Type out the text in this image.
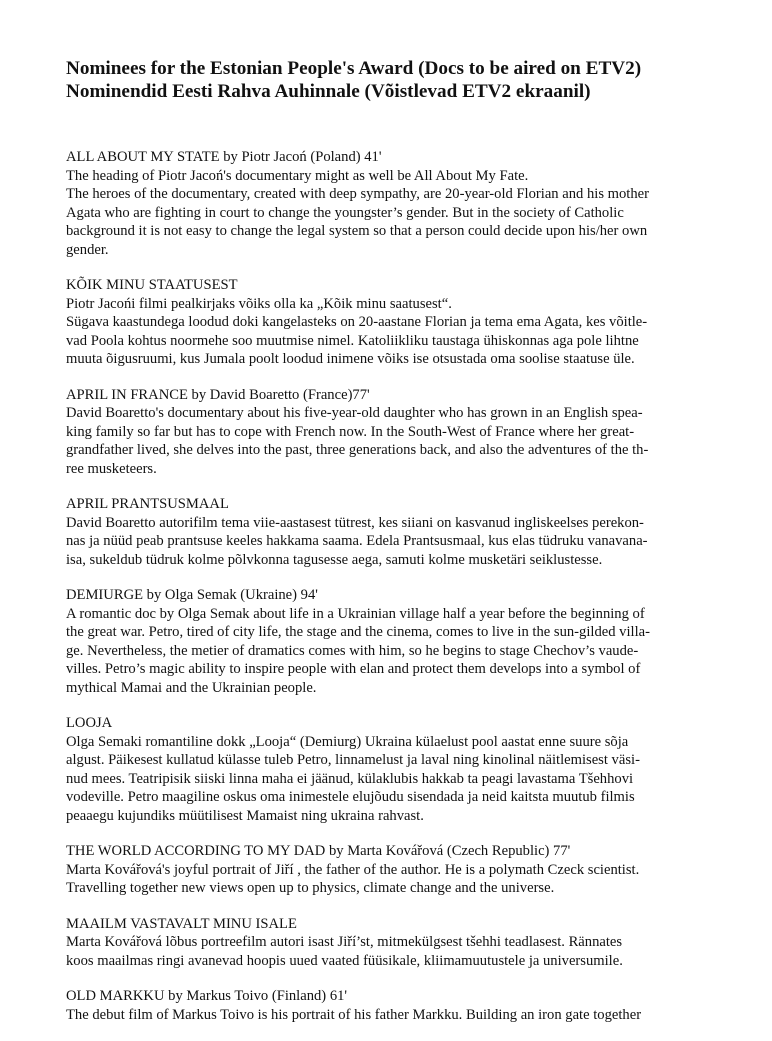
Nominees for the Estonian People's Award (Docs to be aired on ETV2)
Nominendid Eesti Rahva Auhinnale (Võistlevad ETV2 ekraanil)
ALL ABOUT MY STATE by Piotr Jacoń (Poland) 41'
The heading of Piotr Jacoń's documentary might as well be All About My Fate.
The heroes of the documentary, created with deep sympathy, are 20-year-old Florian and his mother
Agata who are fighting in court to change the youngster’s gender. But in the society of Catholic
background it is not easy to change the legal system so that a person could decide upon his/her own
gender.
KÕIK MINU STAATUSEST
Piotr Jacońi filmi pealkirjaks võiks olla ka „Kõik minu saatusest“.
Sügava kaastundega loodud doki kangelasteks on 20-aastane Florian ja tema ema Agata, kes võitle-
vad Poola kohtus noormehe soo muutmise nimel. Katoliikliku taustaga ühiskonnas aga pole lihtne
muuta õigusruumi, kus Jumala poolt loodud inimene võiks ise otsustada oma soolise staatuse üle.
APRIL IN FRANCE by David Boaretto (France)77'
David Boaretto's documentary about his five-year-old daughter who has grown in an English spea-
king family so far but has to cope with French now. In the South-West of France where her great-
grandfather lived, she delves into the past, three generations back, and also the adventures of the th-
ree musketeers.
APRIL PRANTSUSMAAL
David Boaretto autorifilm tema viie-aastasest tütrest, kes siiani on kasvanud ingliskeelses perekon-
nas ja nüüd peab prantsuse keeles hakkama saama. Edela Prantsusmaal, kus elas tüdruku vanavana-
isa, sukeldub tüdruk kolme põlvkonna tagusesse aega, samuti kolme musketäri seiklustesse.
DEMIURGE by Olga Semak (Ukraine) 94'
A romantic doc by Olga Semak about life in a Ukrainian village half a year before the beginning of
the great war. Petro, tired of city life, the stage and the cinema, comes to live in the sun-gilded villa-
ge. Nevertheless, the metier of dramatics comes with him, so he begins to stage Chechov’s vaude-
villes. Petro’s magic ability to inspire people with elan and protect them develops into a symbol of
mythical Mamai and the Ukrainian people.
LOOJA
Olga Semaki romantiline dokk „Looja“ (Demiurg) Ukraina külaelust pool aastat enne suure sõja
algust. Päikesest kullatud külasse tuleb Petro, linnamelust ja laval ning kinolinal näitlemisest väsi-
nud mees. Teatripisik siiski linna maha ei jäänud, külaklubis hakkab ta peagi lavastama Tšehhovi
vodeville. Petro maagiline oskus oma inimestele elujõudu sisendada ja neid kaitsta muutub filmis
peaaegu kujundiks müütilisest Mamaist ning ukraina rahvast.
THE WORLD ACCORDING TO MY DAD by Marta Kovářová (Czech Republic) 77'
Marta Kovářová's joyful portrait of Jiří , the father of the author. He is a polymath Czeck scientist.
Travelling together new views open up to physics, climate change and the universe.
MAAILM VASTAVALT MINU ISALE
Marta Kovářová lõbus portreefilm autori isast Jiří’st, mitmekülgsest tšehhi teadlasest. Rännates
koos maailmas ringi avanevad hoopis uued vaated füüsikale, kliimamuutustele ja universumile.
OLD MARKKU by Markus Toivo (Finland) 61'
The debut film of Markus Toivo is his portrait of his father Markku. Building an iron gate together
